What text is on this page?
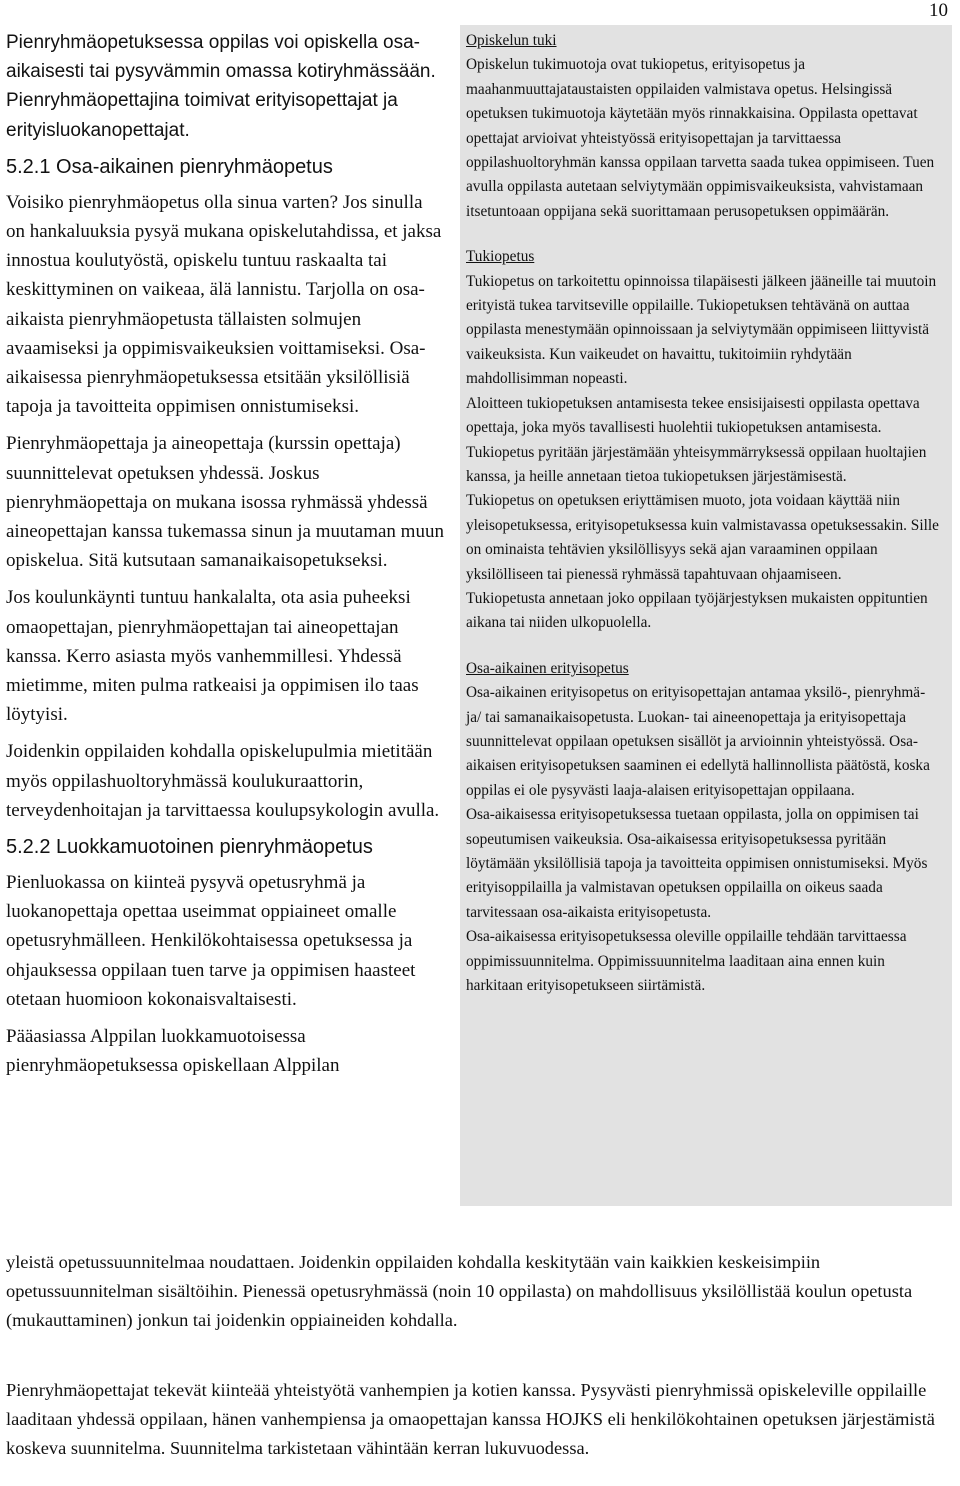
10

Pienryhmäopetuksessa oppilas voi opiskella osa-aikaisesti tai pysyvämmin omassa kotiryhmässään. Pienryhmäopettajina toimivat erityisopettajat ja erityisluokanopettajat.

5.2.1 Osa-aikainen pienryhmäopetus

Voisiko pienryhmäopetus olla sinua varten? Jos sinulla on hankaluuksia pysyä mukana opiskelutahdissa, et jaksa innostua koulutyöstä, opiskelu tuntuu raskaalta tai keskittyminen on vaikeaa, älä lannistu. Tarjolla on osa-aikaista pienryhmäopetusta tällaisten solmujen avaamiseksi ja oppimisvaikeuksien voittamiseksi. Osa-aikaisessa pienryhmäopetuksessa etsitään yksilöllisiä tapoja ja tavoitteita oppimisen onnistumiseksi.

Pienryhmäopettaja ja aineopettaja (kurssin opettaja) suunnittelevat opetuksen yhdessä. Joskus pienryhmäopettaja on mukana isossa ryhmässä yhdessä aineopettajan kanssa tukemassa sinun ja muutaman muun opiskelua. Sitä kutsutaan samanaikaisopetukseksi.

Jos koulunkäynti tuntuu hankalalta, ota asia puheeksi omaopettajan, pienryhmäopettajan tai aineopettajan kanssa. Kerro asiasta myös vanhemmillesi. Yhdessä mietimme, miten pulma ratkeaisi ja oppimisen ilo taas löytyisi.

Joidenkin oppilaiden kohdalla opiskelupulmia mietitään myös oppilashuoltoryhmässä koulukuraattorin, terveydenhoitajan ja tarvittaessa koulupsykologin avulla.

5.2.2 Luokkamuotoinen pienryhmäopetus

Pienluokassa on kiinteä pysyvä opetusryhmä ja luokanopettaja opettaa useimmat oppiaineet omalle opetusryhmälleen. Henkilökohtaisessa opetuksessa ja ohjauksessa oppilaan tuen tarve ja oppimisen haasteet otetaan huomioon kokonaisvaltaisesti.

Pääasiassa Alppilan luokkamuotoisessa pienryhmäopetuksessa opiskellaan Alppilan

Opiskelun tuki

Opiskelun tukimuotoja ovat tukiopetus, erityisopetus ja maahanmuuttajataustaisten oppilaiden valmistava opetus. Helsingissä opetuksen tukimuotoja käytetään myös rinnakkaisina. Oppilasta opettavat opettajat arvioivat yhteistyössä erityisopettajan ja tarvittaessa oppilashuoltoryhmän kanssa oppilaan tarvetta saada tukea oppimiseen. Tuen avulla oppilasta autetaan selviytymään oppimisvaikeuksista, vahvistamaan itsetuntoaan oppijana sekä suorittamaan perusopetuksen oppimäärän.

Tukiopetus

Tukiopetus on tarkoitettu opinnoissa tilapäisesti jälkeen jääneille tai muutoin erityistä tukea tarvitseville oppilaille. Tukiopetuksen tehtävänä on auttaa oppilasta menestymään opinnoissaan ja selviytymään oppimiseen liittyvistä vaikeuksista. Kun vaikeudet on havaittu, tukitoimiin ryhdytään mahdollisimman nopeasti.

Aloitteen tukiopetuksen antamisesta tekee ensisijaisesti oppilasta opettava opettaja, joka myös tavallisesti huolehtii tukiopetuksen antamisesta. Tukiopetus pyritään järjestämään yhteisymmärryksessä oppilaan huoltajien kanssa, ja heille annetaan tietoa tukiopetuksen järjestämisestä.

Tukiopetus on opetuksen eriyttämisen muoto, jota voidaan käyttää niin yleisopetuksessa, erityisopetuksessa kuin valmistavassa opetuksessakin. Sille on ominaista tehtävien yksilöllisyys sekä ajan varaaminen oppilaan yksilölliseen tai pienessä ryhmässä tapahtuvaan ohjaamiseen.

Tukiopetusta annetaan joko oppilaan työjärjestyksen mukaisten oppituntien aikana tai niiden ulkopuolella.

Osa-aikainen erityisopetus

Osa-aikainen erityisopetus on erityisopettajan antamaa yksilö-, pienryhmä- ja/ tai samanaikaisopetusta. Luokan- tai aineenopettaja ja erityisopettaja suunnittelevat oppilaan opetuksen sisällöt ja arvioinnin yhteistyössä. Osa-aikaisen erityisopetuksen saaminen ei edellytä hallinnollista päätöstä, koska oppilas ei ole pysyvästi laaja-alaisen erityisopettajan oppilaana.

Osa-aikaisessa erityisopetuksessa tuetaan oppilasta, jolla on oppimisen tai sopeutumisen vaikeuksia. Osa-aikaisessa erityisopetuksessa pyritään löytämään yksilöllisiä tapoja ja tavoitteita oppimisen onnistumiseksi. Myös erityisoppilailla ja valmistavan opetuksen oppilailla on oikeus saada tarvitessaan osa-aikaista erityisopetusta.

Osa-aikaisessa erityisopetuksessa oleville oppilaille tehdään tarvittaessa oppimissuunnitelma. Oppimissuunnitelma laaditaan aina ennen kuin harkitaan erityisopetukseen siirtämistä.

yleistä opetussuunnitelmaa noudattaen. Joidenkin oppilaiden kohdalla keskitytään vain kaikkien keskeisimpiin opetussuunnitelman sisältöihin. Pienessä opetusryhmässä (noin 10 oppilasta) on mahdollisuus yksilöllistää koulun opetusta (mukauttaminen) jonkun tai joidenkin oppiaineiden kohdalla.

Pienryhmäopettajat tekevät kiinteää yhteistyötä vanhempien ja kotien kanssa. Pysyvästi pienryhmissä opiskeleville oppilaille laaditaan yhdessä oppilaan, hänen vanhempiensa ja omaopettajan kanssa HOJKS eli henkilökohtainen opetuksen järjestämistä koskeva suunnitelma. Suunnitelma tarkistetaan vähintään kerran lukuvuodessa.
